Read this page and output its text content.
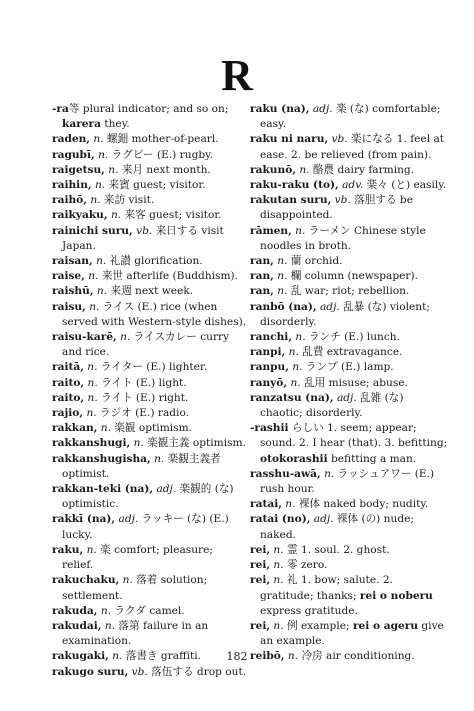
R

-ra等 plural indicator; and so on; karera they.

raden, n. 螺鈿 mother-of-pearl.

ragubī, n. ラグビー (E.) rugby.

raigetsu, n. 来月 next month.

raihin, n. 来賓 guest; visitor.

raihō, n. 来訪 visit.

raikyaku, n. 来客 guest; visitor.

rainichi suru, vb. 来日する visit Japan.

raisan, n. 礼讃 glorification.

raise, n. 来世 afterlife (Buddhism).

raishū, n. 来週 next week.

raisu, n. ライス (E.) rice (when served with Western-style dishes).

raisu-karē, n. ライスカレー curry and rice.

raitā, n. ライター (E.) lighter.

raito, n. ライト (E.) light.

raito, n. ライト (E.) right.

rajio, n. ラジオ (E.) radio.

rakkan, n. 楽観 optimism.

rakkanshugi, n. 楽観主義 optimism.

rakkanshugisha, n. 楽観主義者 optimist.

rakkan-teki (na), adj. 楽観的 (な) optimistic.

rakkī (na), adj. ラッキー (な) (E.) lucky.

raku, n. 楽 comfort; pleasure; relief.

rakuchaku, n. 落着 solution; settlement.

rakuda, n. ラクダ camel.

rakudai, n. 落第 failure in an examination.

rakugaki, n. 落書き graffiti.

rakugo suru, vb. 落伍する drop out.

raku (na), adj. 楽 (な) comfortable; easy.

raku ni naru, vb. 楽になる 1. feel at ease. 2. be relieved (from pain).

rakunō, n. 酪農 dairy farming.

raku-raku (to), adv. 楽々 (と) easily.

rakutan suru, vb. 落胆する be disappointed.

rāmen, n. ラーメン Chinese style noodles in broth.

ran, n. 蘭 orchid.

ran, n. 欄 column (newspaper).

ran, n. 乱 war; riot; rebellion.

ranbō (na), adj. 乱暴 (な) violent; disorderly.

ranchi, n. ランチ (E.) lunch.

ranpi, n. 乱費 extravagance.

ranpu, n. ランプ (E.) lamp.

ranyō, n. 乱用 misuse; abuse.

ranzatsu (na), adj. 乱雑 (な) chaotic; disorderly.

-rashii らしい 1. seem; appear; sound. 2. I hear (that). 3. befitting; otokorashii befitting a man.

rasshu-awā, n. ラッシュアワー (E.) rush hour.

ratai, n. 裸体 naked body; nudity.

ratai (no), adj. 裸体 (の) nude; naked.

rei, n. 霊 1. soul. 2. ghost.

rei, n. 零 zero.

rei, n. 礼 1. bow; salute. 2. gratitude; thanks; rei o noberu express gratitude.

rei, n. 例 example; rei o ageru give an example.

reibō, n. 冷房 air conditioning.

182
